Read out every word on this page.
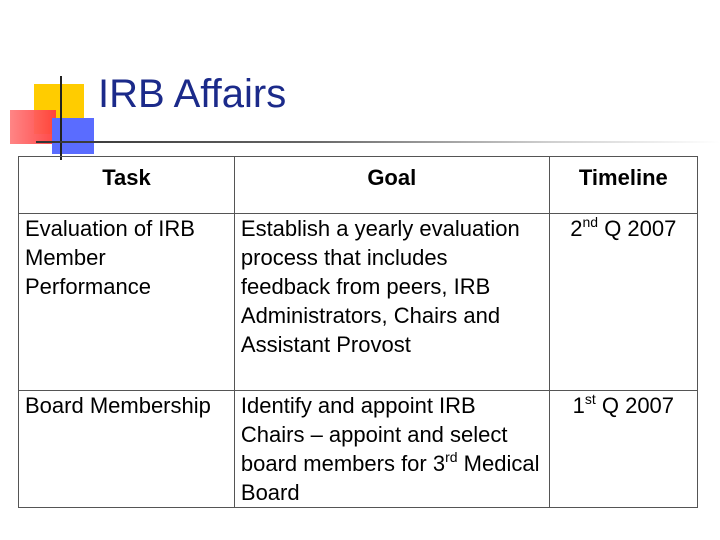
IRB Affairs
Task	Goal	Timeline
Evaluation of IRB Member Performance	Establish a yearly evaluation process that includes feedback from peers, IRB Administrators, Chairs and Assistant Provost	2nd Q 2007
Board Membership	Identify and appoint IRB Chairs – appoint and select board members for 3rd Medical Board	1st Q 2007
